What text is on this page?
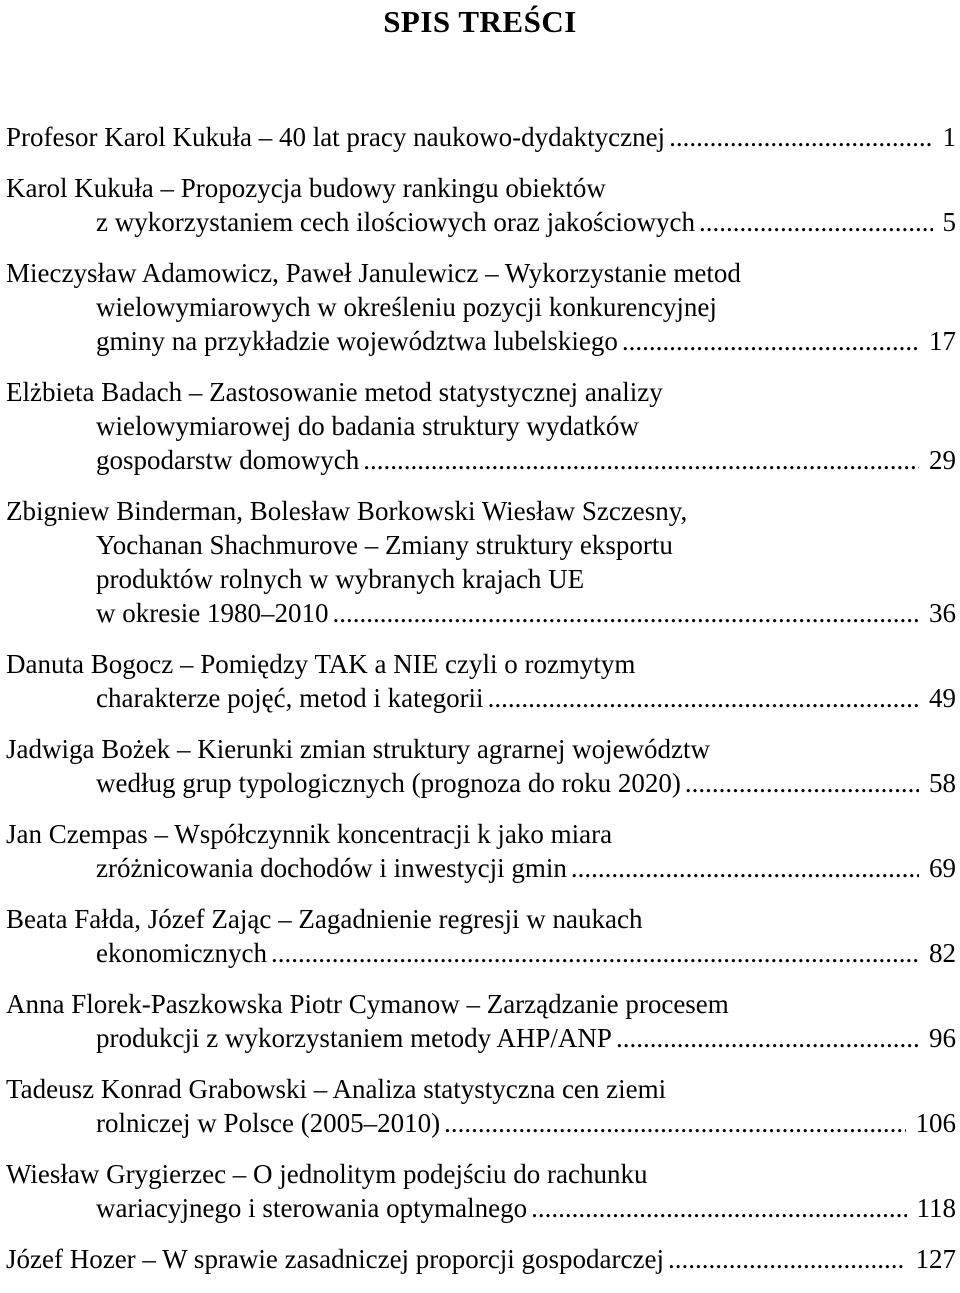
SPIS TREŚCI
Profesor Karol Kukuła – 40 lat pracy naukowo-dydaktycznej .....	1
Karol Kukuła – Propozycja budowy rankingu obiektów
z wykorzystaniem cech ilościowych oraz jakościowych .....	5
Mieczysław Adamowicz, Paweł Janulewicz – Wykorzystanie metod
wielowymiarowych w określeniu pozycji konkurencyjnej
gminy na przykładzie województwa lubelskiego .....	17
Elżbieta Badach – Zastosowanie metod statystycznej analizy
wielowymiarowej do badania struktury wydatków
gospodarstw domowych .....	29
Zbigniew Binderman, Bolesław Borkowski Wiesław Szczesny,
Yochanan Shachmurove – Zmiany struktury eksportu
produktów rolnych w wybranych krajach UE
w okresie 1980–2010 .....	36
Danuta Bogocz – Pomiędzy TAK a NIE czyli o rozmytym
charakterze pojęć, metod i kategorii .....	49
Jadwiga Bożek – Kierunki zmian struktury agrarnej województw
według grup typologicznych (prognoza do roku 2020) .....	58
Jan Czempas – Współczynnik koncentracji k jako miara
zróżnicowania dochodów i inwestycji gmin .....	69
Beata Fałda, Józef Zając – Zagadnienie regresji w naukach
ekonomicznych .....	82
Anna Florek-Paszkowska Piotr Cymanow – Zarządzanie procesem
produkcji z wykorzystaniem metody AHP/ANP .....	96
Tadeusz Konrad Grabowski – Analiza statystyczna cen ziemi
rolniczej w Polsce (2005–2010) .....	106
Wiesław Grygierzec – O jednolitym podejściu do rachunku
wariacyjnego i sterowania optymalnego .....	118
Józef Hozer – W sprawie zasadniczej proporcji gospodarczej .....	127
